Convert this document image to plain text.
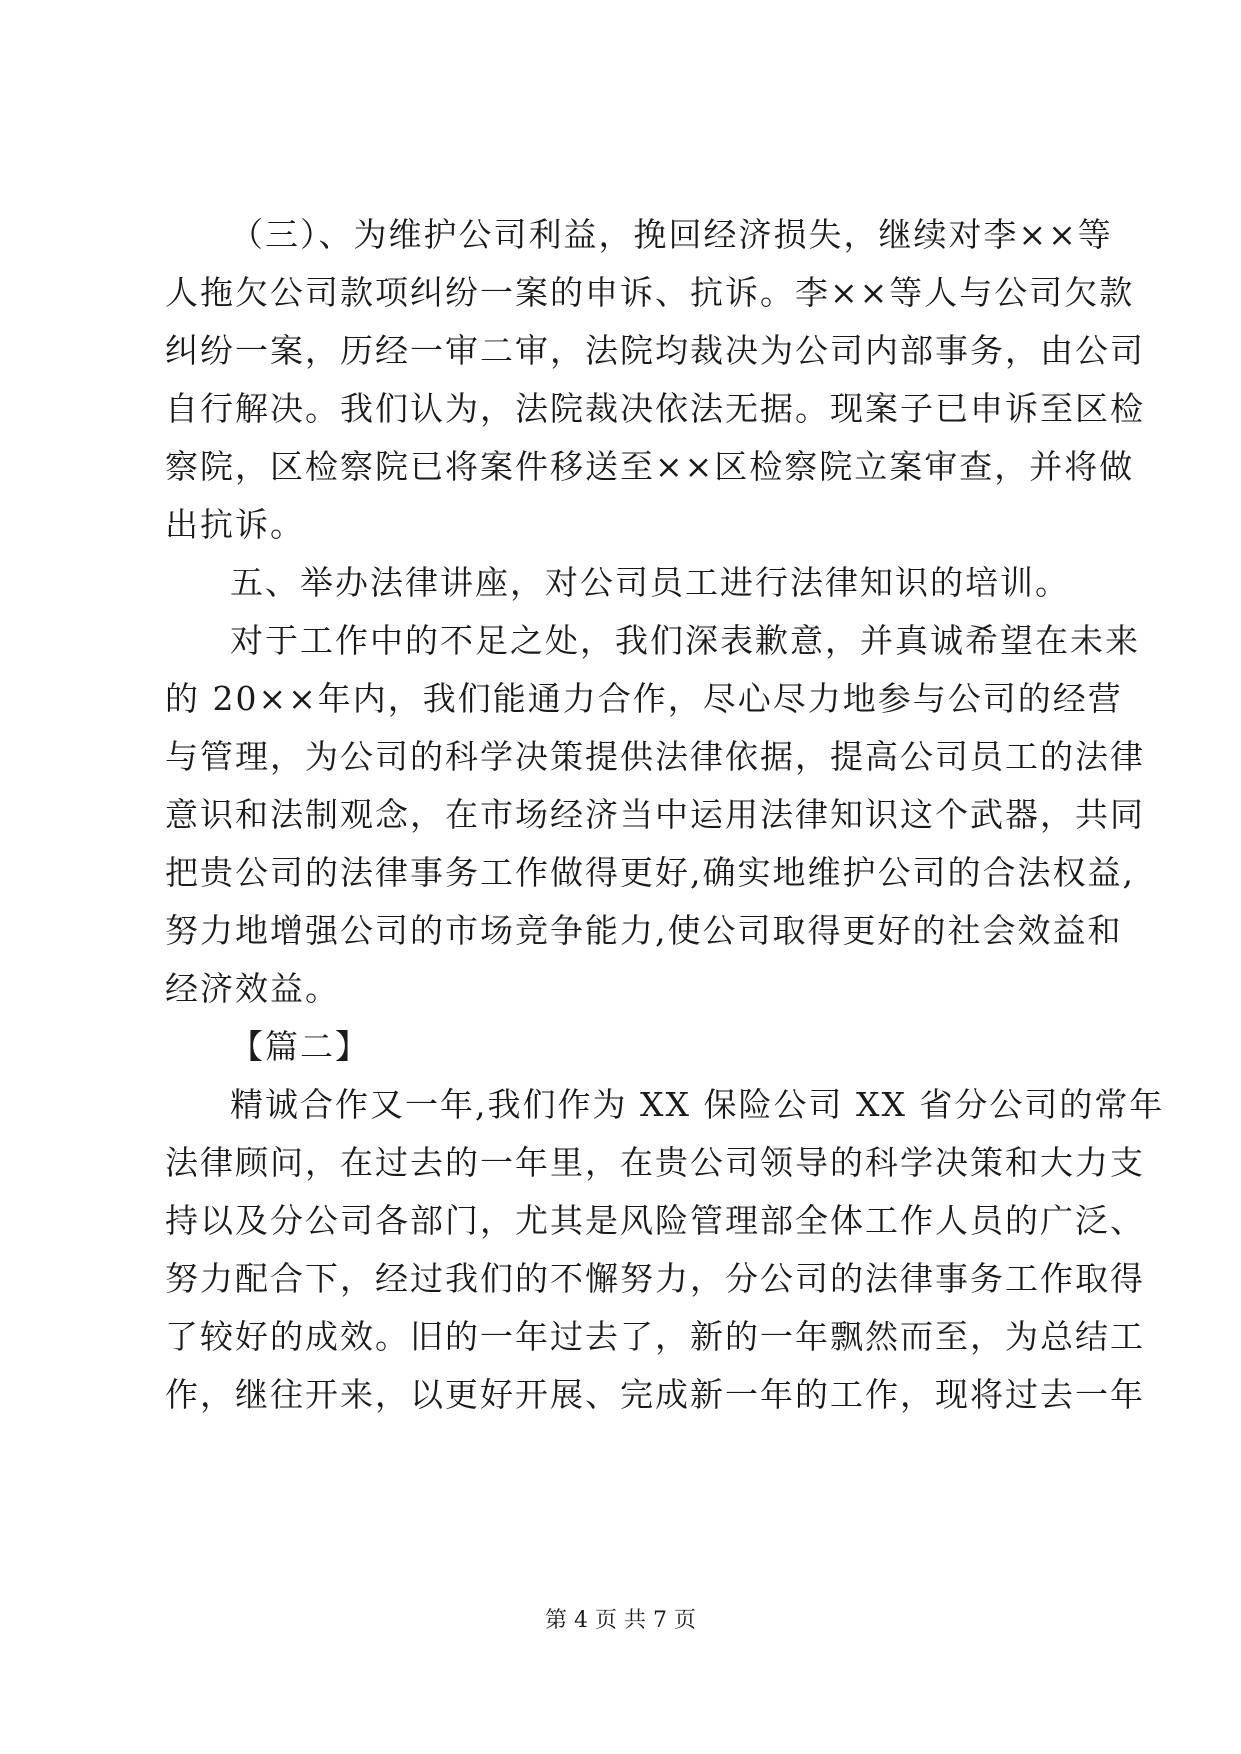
（三）、为维护公司利益，挽回经济损失，继续对李××等
人拖欠公司款项纠纷一案的申诉、抗诉。李××等人与公司欠款
纠纷一案，历经一审二审，法院均裁决为公司内部事务，由公司
自行解决。我们认为，法院裁决依法无据。现案子已申诉至区检
察院，区检察院已将案件移送至××区检察院立案审查，并将做
出抗诉。
五、举办法律讲座，对公司员工进行法律知识的培训。
对于工作中的不足之处，我们深表歉意，并真诚希望在未来
的 20××年内，我们能通力合作，尽心尽力地参与公司的经营
与管理，为公司的科学决策提供法律依据，提高公司员工的法律
意识和法制观念，在市场经济当中运用法律知识这个武器，共同
把贵公司的法律事务工作做得更好,确实地维护公司的合法权益,
努力地增强公司的市场竞争能力,使公司取得更好的社会效益和
经济效益。
【篇二】
精诚合作又一年,我们作为 XX 保险公司 XX 省分公司的常年
法律顾问，在过去的一年里，在贵公司领导的科学决策和大力支
持以及分公司各部门，尤其是风险管理部全体工作人员的广泛、
努力配合下，经过我们的不懈努力，分公司的法律事务工作取得
了较好的成效。旧的一年过去了，新的一年飘然而至，为总结工
作，继往开来，以更好开展、完成新一年的工作，现将过去一年
第 4 页 共 7 页
